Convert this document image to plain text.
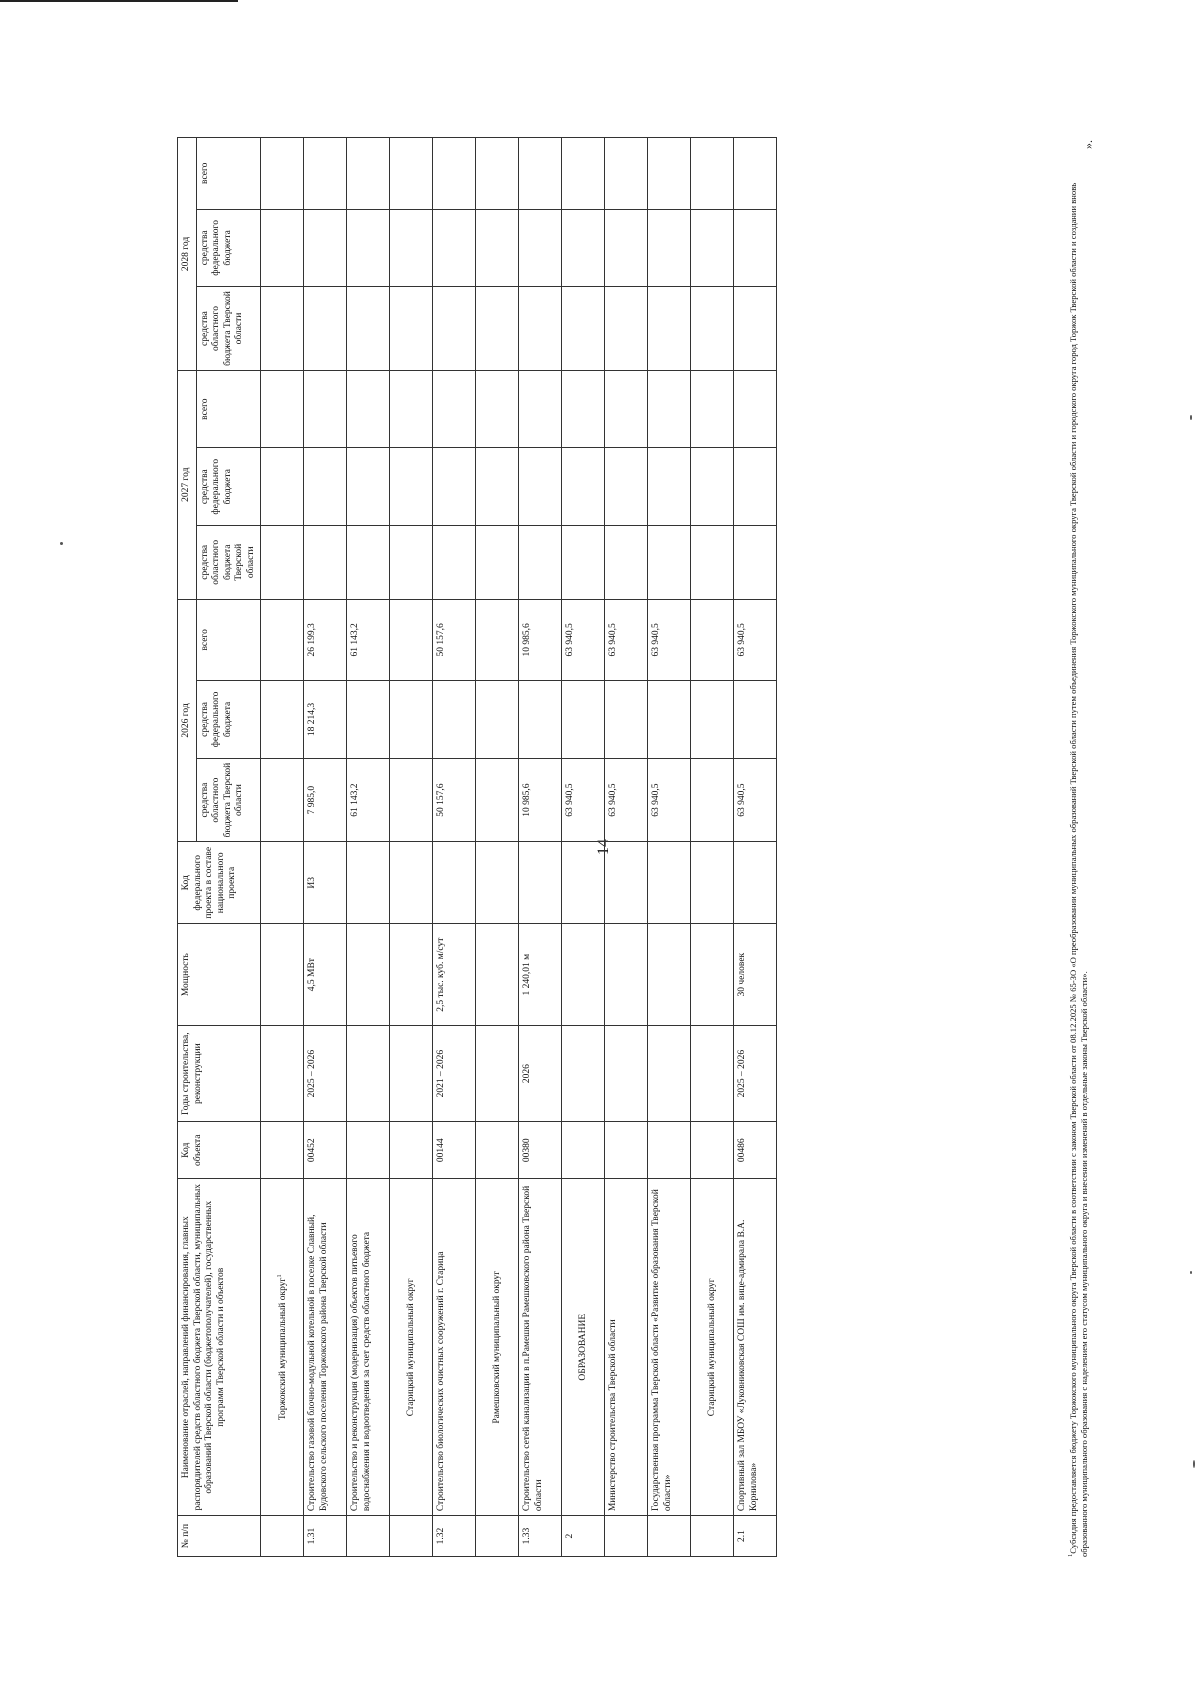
14
№ п/п	Наименование отраслей, направлений финансирования, главных распорядителей средств областного бюджета Тверской области, муниципальных образований Тверской области (бюджетополучателей), государственных программ Тверской области и объектов	Код объекта	Годы строительства, реконструкции	Мощность	Код федерального проекта в составе национального проекта	2026 год			2027 год			2028 год		
						средства областного бюджета Тверской области	средства федерального бюджета	всего	средства областного бюджета Тверской области	средства федерального бюджета	всего	средства областного бюджета Тверской области	средства федерального бюджета	всего
	Торжокский муниципальный округ$^1$													
1.31	Строительство газовой блочно-модульной котельной в поселке Славный, Будовского сельского поселения Торжокского района Тверской области	00452	2025 – 2026	4,5 МВт	И3	7 985,0	18 214,3	26 199,3						
	Строительство и реконструкция (модернизация) объектов питьевого водоснабжения и водоотведения за счет средств областного бюджета					61 143,2		61 143,2						
	Старицкий муниципальный округ													
1.32	Строительство биологических очистных сооружений г. Старица	00144	2021 – 2026	2,5 тыс. куб. м/сут		50 157,6		50 157,6						
	Рамешковский муниципальный округ													
1.33	Строительство сетей канализации в п.Рамешки Рамешковского района Тверской области	00380	2026	1 240,01 м		10 985,6		10 985,6						
2	ОБРАЗОВАНИЕ					63 940,5		63 940,5						
	Министерство строительства Тверской области					63 940,5		63 940,5						
	Государственная программа Тверской области «Развитие образования Тверской области»					63 940,5		63 940,5						
	Старицкий муниципальный округ													
2.1	Спортивный зал МБОУ «Луковниковская СОШ им. вице-адмирала В.А. Корнилова»	00486	2025 – 2026	30 человек		63 940,5		63 940,5						
$^1$Субсидия предоставляется бюджету Торжокского муниципального округа Тверской области в соответствии с законом Тверской области от 08.12.2025 № 65-ЗО «О преобразовании муниципальных образований Тверской области путем объединения Торжокского муниципального округа Тверской области и городского округа город Торжок Тверской области и создании вновь образованного муниципального образования с наделением его статусом муниципального округа и внесении изменений в отдельные законы Тверской области».
».
